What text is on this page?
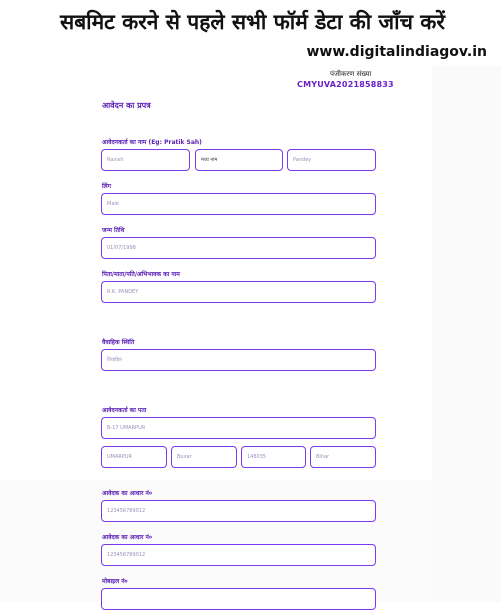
सबमिट करने से पहले सभी फॉर्म डेटा की जाँच करें
www.digitalindiagov.in
पंजीकरण संख्या
CMYUVA2021858833
आवेदन का प्रपत्र
आवेदनकर्ता का नाम (Eg: Pratik Sah)
Ravish	मध्य नाम	Pandey
लिंग
Male
जन्म तिथि
01/07/1998
पिता/माता/पति/अभिभावक का नाम
R.K. PANDEY
वैवाहिक स्थिति
विवाहित
आवेदनकर्ता का पता
B-17 UMARPUR
UMARPUR	Buxar	148035	Bihar
आवेदक का आधार नं०
123456789012
आवेदक का आधार नं०
123456789012
मोबाइल नं०
